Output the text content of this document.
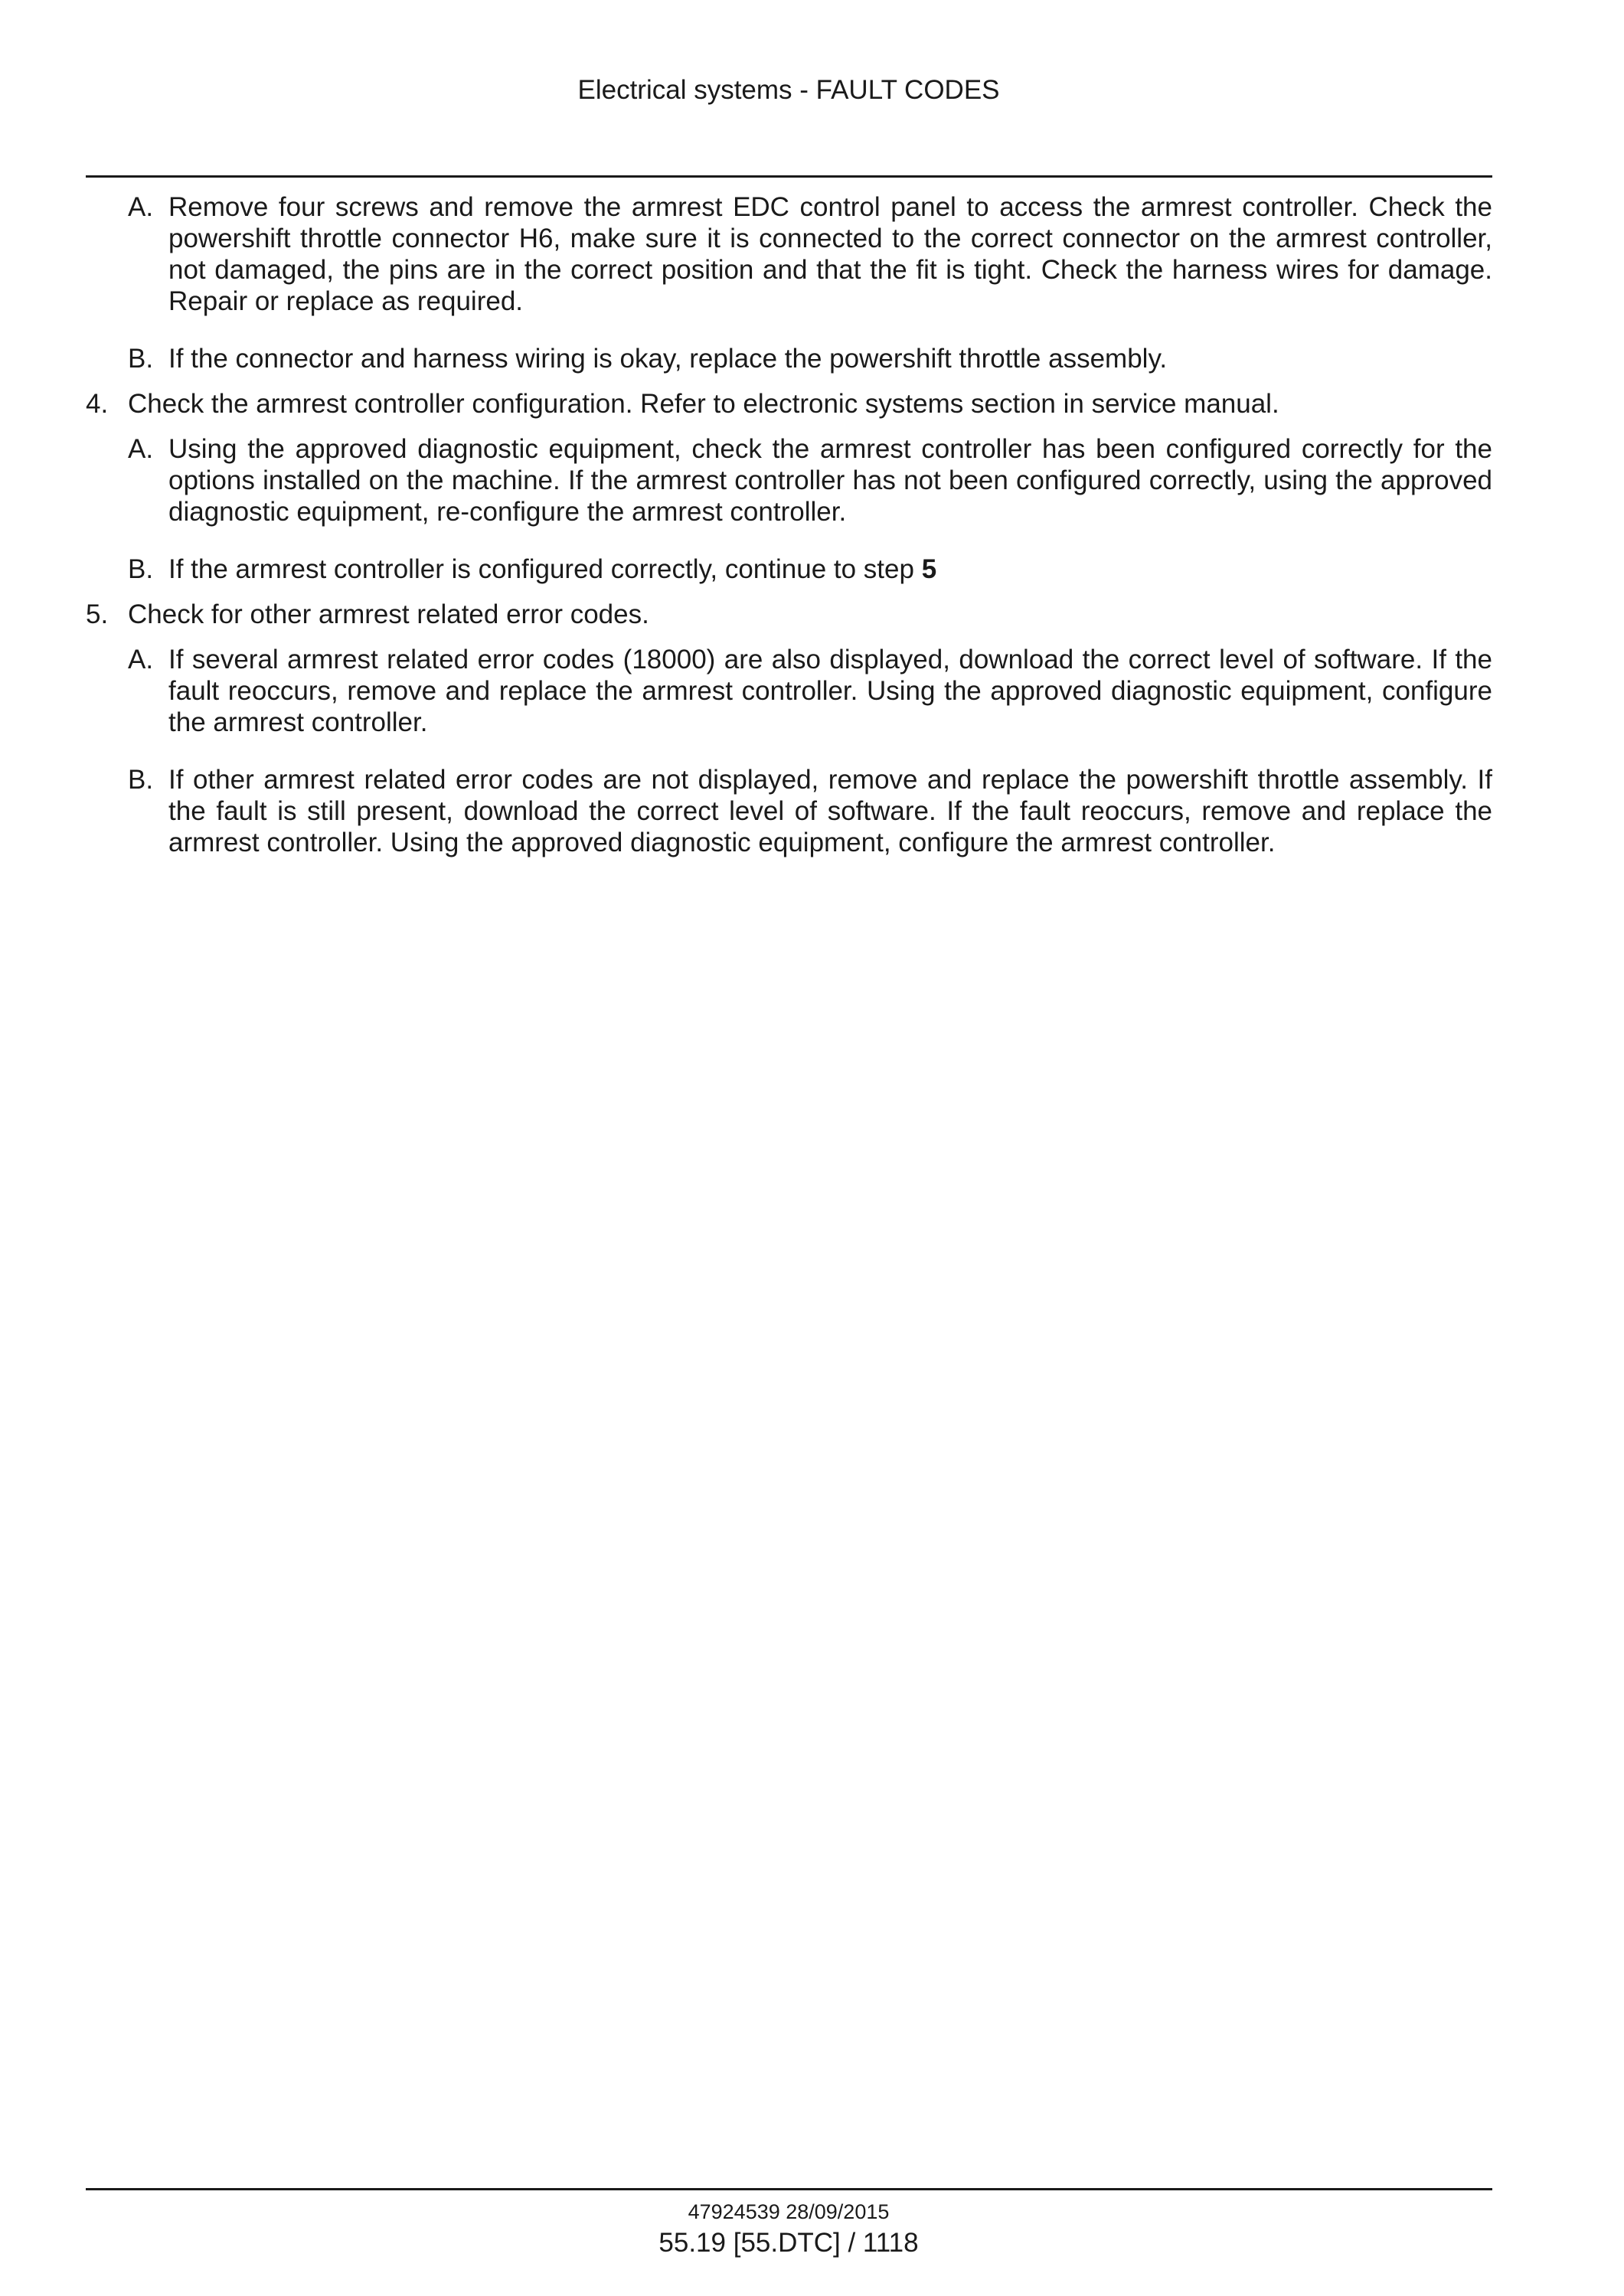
Electrical systems - FAULT CODES
A. Remove four screws and remove the armrest EDC control panel to access the armrest controller. Check the powershift throttle connector H6, make sure it is connected to the correct connector on the armrest controller, not damaged, the pins are in the correct position and that the fit is tight. Check the harness wires for damage. Repair or replace as required.
B. If the connector and harness wiring is okay, replace the powershift throttle assembly.
4. Check the armrest controller configuration. Refer to electronic systems section in service manual.
A. Using the approved diagnostic equipment, check the armrest controller has been configured correctly for the options installed on the machine. If the armrest controller has not been configured correctly, using the approved diagnostic equipment, re-configure the armrest controller.
B. If the armrest controller is configured correctly, continue to step 5
5. Check for other armrest related error codes.
A. If several armrest related error codes (18000) are also displayed, download the correct level of software. If the fault reoccurs, remove and replace the armrest controller. Using the approved diagnostic equipment, configure the armrest controller.
B. If other armrest related error codes are not displayed, remove and replace the powershift throttle assembly. If the fault is still present, download the correct level of software. If the fault reoccurs, remove and replace the armrest controller. Using the approved diagnostic equipment, configure the armrest controller.
47924539 28/09/2015
55.19 [55.DTC] / 1118
